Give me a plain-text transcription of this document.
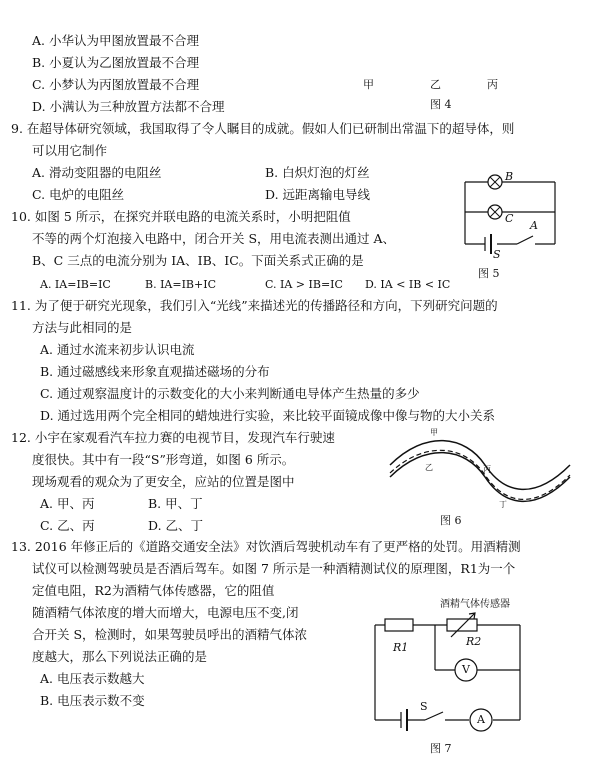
A. 小华认为甲图放置最不合理
B. 小夏认为乙图放置最不合理
C. 小梦认为丙图放置最不合理
D. 小满认为三种放置方法都不合理
甲	乙	丙
图 4
9. 在超导体研究领域，我国取得了令人瞩目的成就。假如人们已研制出常温下的超导体，则
可以用它制作
A. 滑动变阻器的电阻丝	B. 白炽灯泡的灯丝
C. 电炉的电阻丝	D. 远距离输电导线
B
C
A
S
图 5
10. 如图 5 所示，在探究并联电路的电流关系时，小明把阻值
不等的两个灯泡接入电路中，闭合开关 S，用电流表测出通过 A、
B、C 三点的电流分别为 IA、IB、IC。下面关系式正确的是
A. IA=IB=IC	B. IA=IB+IC	C. IA > IB=IC D. IA < IB < IC
11. 为了便于研究光现象，我们引入“光线”来描述光的传播路径和方向，下列研究问题的
方法与此相同的是
A. 通过水流来初步认识电流
B. 通过磁感线来形象直观描述磁场的分布
C. 通过观察温度计的示数变化的大小来判断通电导体产生热量的多少
D. 通过选用两个完全相同的蜡烛进行实验，来比较平面镜成像中像与物的大小关系
12. 小宇在家观看汽车拉力赛的电视节目，发现汽车行驶速
度很快。其中有一段“S”形弯道，如图 6 所示。
现场观看的观众为了更安全，应站的位置是图中
A. 甲、丙	B. 甲、丁
C. 乙、丙	D. 乙、丁
甲
乙	丙
丁
图 6
13. 2016 年修正后的《道路交通安全法》对饮酒后驾驶机动车有了更严格的处罚。用酒精测
试仪可以检测驾驶员是否酒后驾车。如图 7 所示是一种酒精测试仪的原理图，R1为一个
定值电阻，R2为酒精气体传感器，它的阻值
随酒精气体浓度的增大而增大，电源电压不变,闭
合开关 S，检测时，如果驾驶员呼出的酒精气体浓
度越大，那么下列说法正确的是
A. 电压表示数越大
B. 电压表示数不变
酒精气体传感器
R1	R2
V
S
A
图 7
